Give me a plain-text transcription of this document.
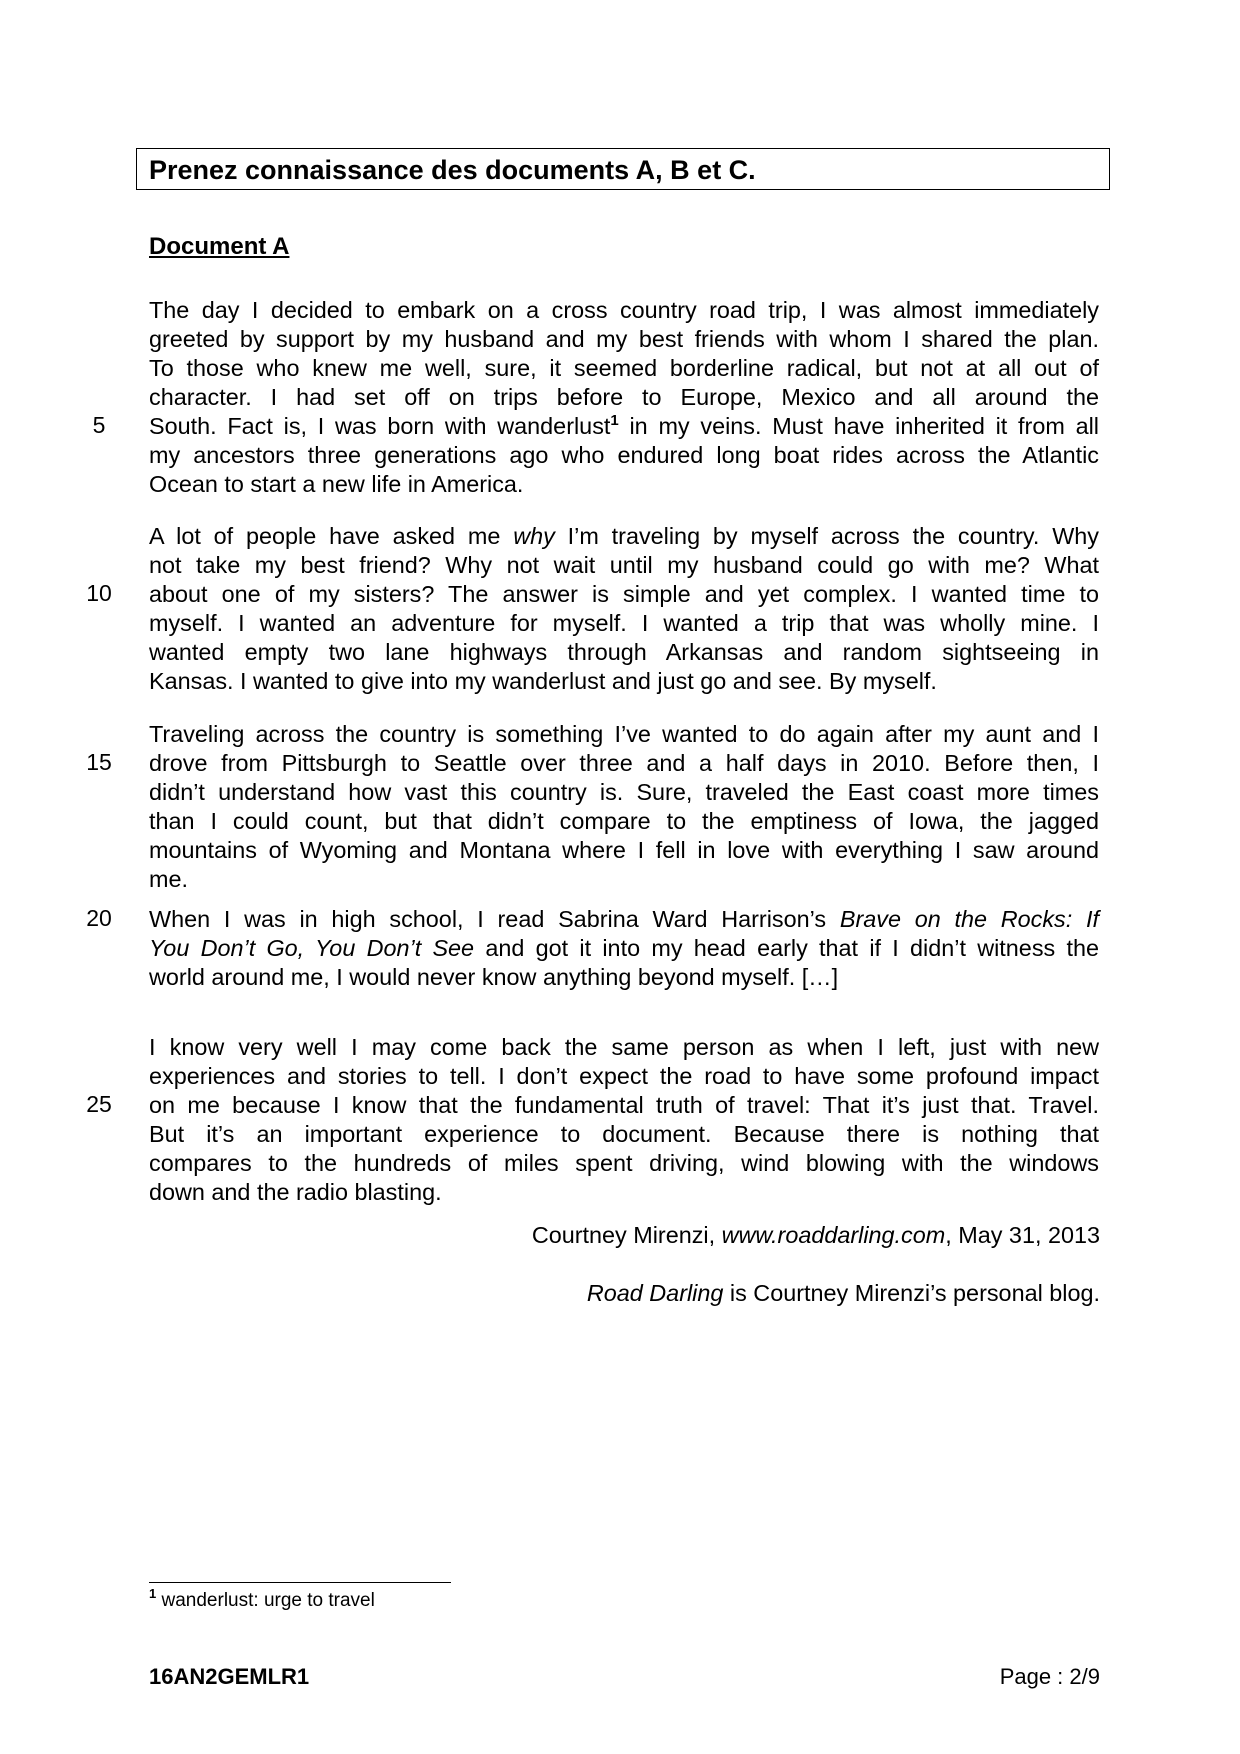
Prenez connaissance des documents A, B et C.
Document A
The day I decided to embark on a cross country road trip, I was almost immediately
greeted by support by my husband and my best friends with whom I shared the plan.
To those who knew me well, sure, it seemed borderline radical, but not at all out of
character. I had set off on trips before to Europe, Mexico and all around the
South. Fact is, I was born with wanderlust$^1$ in my veins. Must have inherited it from all
my ancestors three generations ago who endured long boat rides across the Atlantic
Ocean to start a new life in America.
A lot of people have asked me why I’m traveling by myself across the country. Why
not take my best friend? Why not wait until my husband could go with me? What
about one of my sisters? The answer is simple and yet complex. I wanted time to
myself. I wanted an adventure for myself. I wanted a trip that was wholly mine. I
wanted empty two lane highways through Arkansas and random sightseeing in
Kansas. I wanted to give into my wanderlust and just go and see. By myself.
Traveling across the country is something I’ve wanted to do again after my aunt and I
drove from Pittsburgh to Seattle over three and a half days in 2010. Before then, I
didn’t understand how vast this country is. Sure, traveled the East coast more times
than I could count, but that didn’t compare to the emptiness of Iowa, the jagged
mountains of Wyoming and Montana where I fell in love with everything I saw around
me.
When I was in high school, I read Sabrina Ward Harrison’s Brave on the Rocks: If
You Don’t Go, You Don’t See and got it into my head early that if I didn’t witness the
world around me, I would never know anything beyond myself. […]
I know very well I may come back the same person as when I left, just with new
experiences and stories to tell. I don’t expect the road to have some profound impact
on me because I know that the fundamental truth of travel: That it’s just that. Travel.
But it’s an important experience to document. Because there is nothing that
compares to the hundreds of miles spent driving, wind blowing with the windows
down and the radio blasting.
5
10
15
20
25
Courtney Mirenzi, www.roaddarling.com, May 31, 2013
Road Darling is Courtney Mirenzi’s personal blog.
$^1$ wanderlust: urge to travel
16AN2GEMLR1	Page : 2/9
